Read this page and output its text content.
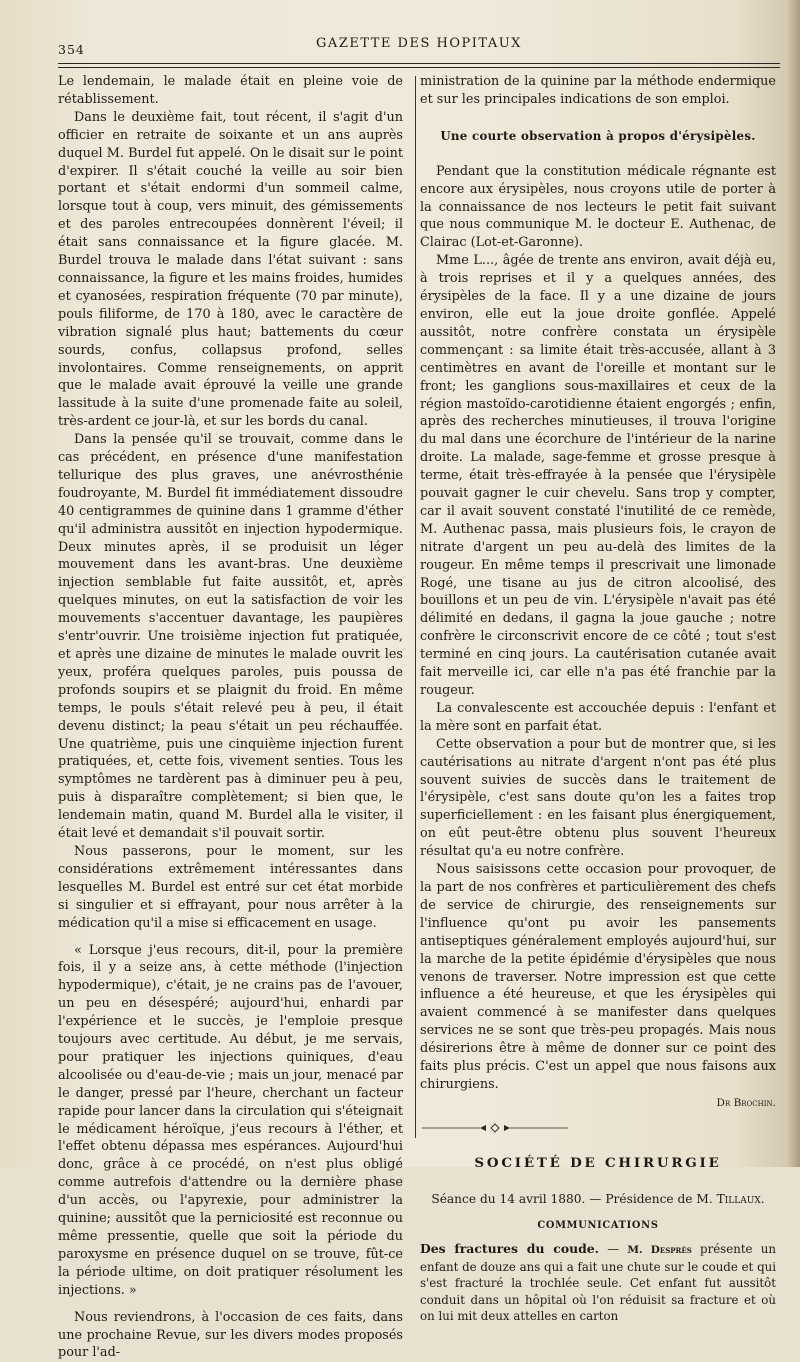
354	GAZETTE DES HOPITAUX

Le lendemain, le malade était en pleine voie de rétablissement.

Dans le deuxième fait, tout récent, il s'agit d'un officier en retraite de soixante et un ans auprès duquel M. Burdel fut appelé. On le disait sur le point d'expirer. Il s'était couché la veille au soir bien portant et s'était endormi d'un sommeil calme, lorsque tout à coup, vers minuit, des gémissements et des paroles entrecoupées donnèrent l'éveil; il était sans connaissance et la figure glacée. M. Burdel trouva le malade dans l'état suivant : sans connaissance, la figure et les mains froides, humides et cyanosées, respiration fréquente (70 par minute), pouls filiforme, de 170 à 180, avec le caractère de vibration signalé plus haut; battements du cœur sourds, confus, collapsus profond, selles involontaires. Comme renseignements, on apprit que le malade avait éprouvé la veille une grande lassitude à la suite d'une promenade faite au soleil, très-ardent ce jour-là, et sur les bords du canal.

Dans la pensée qu'il se trouvait, comme dans le cas précédent, en présence d'une manifestation tellurique des plus graves, une anévrosthénie foudroyante, M. Burdel fit immédiatement dissoudre 40 centigrammes de quinine dans 1 gramme d'éther qu'il administra aussitôt en injection hypodermique. Deux minutes après, il se produisit un léger mouvement dans les avant-bras. Une deuxième injection semblable fut faite aussitôt, et, après quelques minutes, on eut la satisfaction de voir les mouvements s'accentuer davantage, les paupières s'entr'ouvrir. Une troisième injection fut pratiquée, et après une dizaine de minutes le malade ouvrit les yeux, proféra quelques paroles, puis poussa de profonds soupirs et se plaignit du froid. En même temps, le pouls s'était relevé peu à peu, il était devenu distinct; la peau s'était un peu réchauffée. Une quatrième, puis une cinquième injection furent pratiquées, et, cette fois, vivement senties. Tous les symptômes ne tardèrent pas à diminuer peu à peu, puis à disparaître complètement; si bien que, le lendemain matin, quand M. Burdel alla le visiter, il était levé et demandait s'il pouvait sortir.

Nous passerons, pour le moment, sur les considérations extrêmement intéressantes dans lesquelles M. Burdel est entré sur cet état morbide si singulier et si effrayant, pour nous arrêter à la médication qu'il a mise si efficacement en usage.

« Lorsque j'eus recours, dit-il, pour la première fois, il y a seize ans, à cette méthode (l'injection hypodermique), c'était, je ne crains pas de l'avouer, un peu en désespéré; aujourd'hui, enhardi par l'expérience et le succès, je l'emploie presque toujours avec certitude. Au début, je me servais, pour pratiquer les injections quiniques, d'eau alcoolisée ou d'eau-de-vie ; mais un jour, menacé par le danger, pressé par l'heure, cherchant un facteur rapide pour lancer dans la circulation qui s'éteignait le médicament héroïque, j'eus recours à l'éther, et l'effet obtenu dépassa mes espérances. Aujourd'hui donc, grâce à ce procédé, on n'est plus obligé comme autrefois d'attendre ou la dernière phase d'un accès, ou l'apyrexie, pour administrer la quinine; aussitôt que la perniciosité est reconnue ou même pressentie, quelle que soit la période du paroxysme en présence duquel on se trouve, fût-ce la période ultime, on doit pratiquer résolument les injections. »

Nous reviendrons, à l'occasion de ces faits, dans une prochaine Revue, sur les divers modes proposés pour l'ad-

ministration de la quinine par la méthode endermique et sur les principales indications de son emploi.

Une courte observation à propos d'érysipèles.

Pendant que la constitution médicale régnante est encore aux érysipèles, nous croyons utile de porter à la connaissance de nos lecteurs le petit fait suivant que nous communique M. le docteur E. Authenac, de Clairac (Lot-et-Garonne).

Mme L..., âgée de trente ans environ, avait déjà eu, à trois reprises et il y a quelques années, des érysipèles de la face. Il y a une dizaine de jours environ, elle eut la joue droite gonflée. Appelé aussitôt, notre confrère constata un érysipèle commençant : sa limite était très-accusée, allant à 3 centimètres en avant de l'oreille et montant sur le front; les ganglions sous-maxillaires et ceux de la région mastoïdo-carotidienne étaient engorgés ; enfin, après des recherches minutieuses, il trouva l'origine du mal dans une écorchure de l'intérieur de la narine droite. La malade, sage-femme et grosse presque à terme, était très-effrayée à la pensée que l'érysipèle pouvait gagner le cuir chevelu. Sans trop y compter, car il avait souvent constaté l'inutilité de ce remède, M. Authenac passa, mais plusieurs fois, le crayon de nitrate d'argent un peu au-delà des limites de la rougeur. En même temps il prescrivait une limonade Rogé, une tisane au jus de citron alcoolisé, des bouillons et un peu de vin. L'érysipèle n'avait pas été délimité en dedans, il gagna la joue gauche ; notre confrère le circonscrivit encore de ce côté ; tout s'est terminé en cinq jours. La cautérisation cutanée avait fait merveille ici, car elle n'a pas été franchie par la rougeur.

La convalescente est accouchée depuis : l'enfant et la mère sont en parfait état.

Cette observation a pour but de montrer que, si les cautérisations au nitrate d'argent n'ont pas été plus souvent suivies de succès dans le traitement de l'érysipèle, c'est sans doute qu'on les a faites trop superficiellement : en les faisant plus énergiquement, on eût peut-être obtenu plus souvent l'heureux résultat qu'a eu notre confrère.

Nous saisissons cette occasion pour provoquer, de la part de nos confrères et particulièrement des chefs de service de chirurgie, des renseignements sur l'influence qu'ont pu avoir les pansements antiseptiques généralement employés aujourd'hui, sur la marche de la petite épidémie d'érysipèles que nous venons de traverser. Notre impression est que cette influence a été heureuse, et que les érysipèles qui avaient commencé à se manifester dans quelques services ne se sont que très-peu propagés. Mais nous désirerions être à même de donner sur ce point des faits plus précis. C'est un appel que nous faisons aux chirurgiens.

Dr Brochin.
SOCIÉTÉ DE CHIRURGIE
Séance du 14 avril 1880. — Présidence de M. Tillaux.
COMMUNICATIONS

Des fractures du coude. — M. Desprès présente un enfant de douze ans qui a fait une chute sur le coude et qui s'est fracturé la trochlée seule. Cet enfant fut aussitôt conduit dans un hôpital où l'on réduisit sa fracture et où on lui mit deux attelles en carton
